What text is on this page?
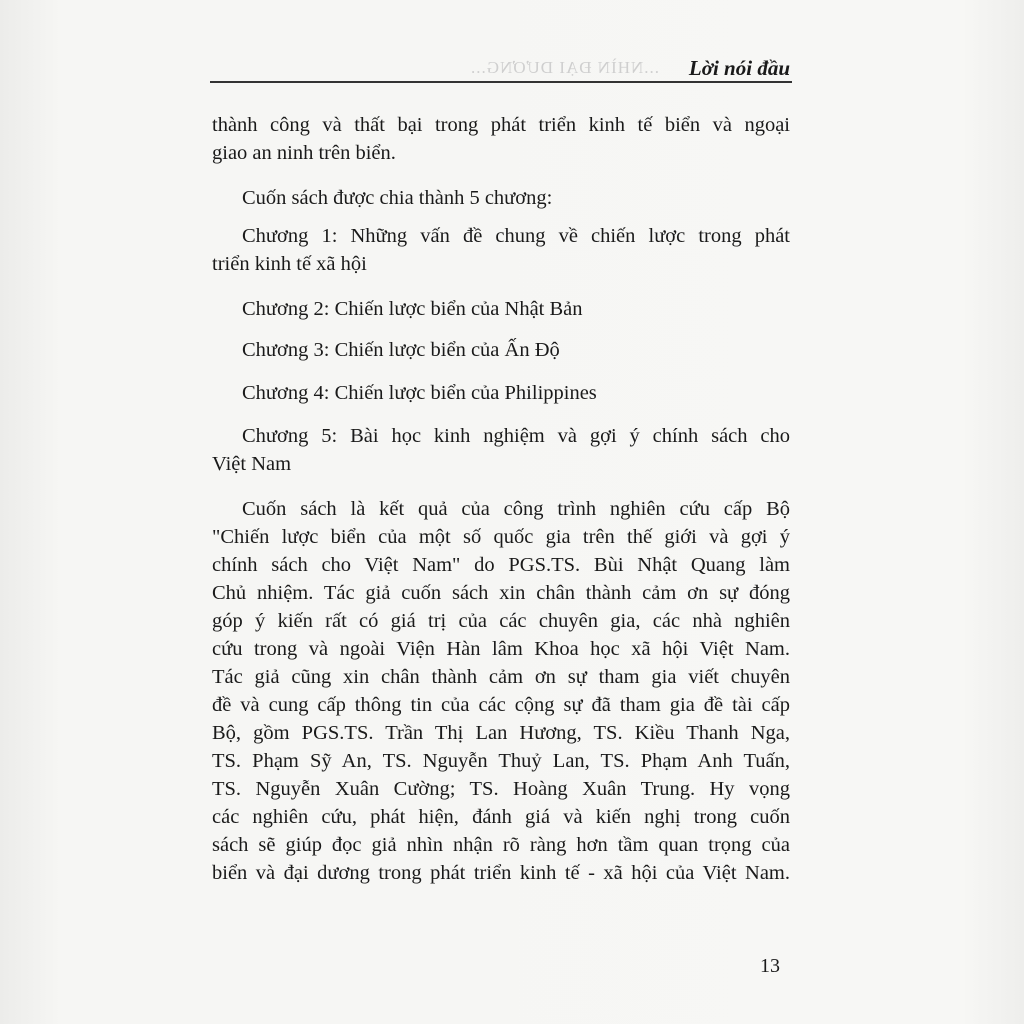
...NHÌN ĐẠI DƯƠNG... Lời nói đầu
thành công và thất bại trong phát triển kinh tế biển và ngoại
giao an ninh trên biển.
Cuốn sách được chia thành 5 chương:
Chương 1: Những vấn đề chung về chiến lược trong phát
triển kinh tế xã hội
Chương 2: Chiến lược biển của Nhật Bản
Chương 3: Chiến lược biển của Ấn Độ
Chương 4: Chiến lược biển của Philippines
Chương 5: Bài học kinh nghiệm và gợi ý chính sách cho
Việt Nam
Cuốn sách là kết quả của công trình nghiên cứu cấp Bộ
"Chiến lược biển của một số quốc gia trên thế giới và gợi ý
chính sách cho Việt Nam" do PGS.TS. Bùi Nhật Quang làm
Chủ nhiệm. Tác giả cuốn sách xin chân thành cảm ơn sự đóng
góp ý kiến rất có giá trị của các chuyên gia, các nhà nghiên
cứu trong và ngoài Viện Hàn lâm Khoa học xã hội Việt Nam.
Tác giả cũng xin chân thành cảm ơn sự tham gia viết chuyên
đề và cung cấp thông tin của các cộng sự đã tham gia đề tài cấp
Bộ, gồm PGS.TS. Trần Thị Lan Hương, TS. Kiều Thanh Nga,
TS. Phạm Sỹ An, TS. Nguyễn Thuỷ Lan, TS. Phạm Anh Tuấn,
TS. Nguyễn Xuân Cường; TS. Hoàng Xuân Trung. Hy vọng
các nghiên cứu, phát hiện, đánh giá và kiến nghị trong cuốn
sách sẽ giúp đọc giả nhìn nhận rõ ràng hơn tầm quan trọng của
biển và đại dương trong phát triển kinh tế - xã hội của Việt Nam.
13
